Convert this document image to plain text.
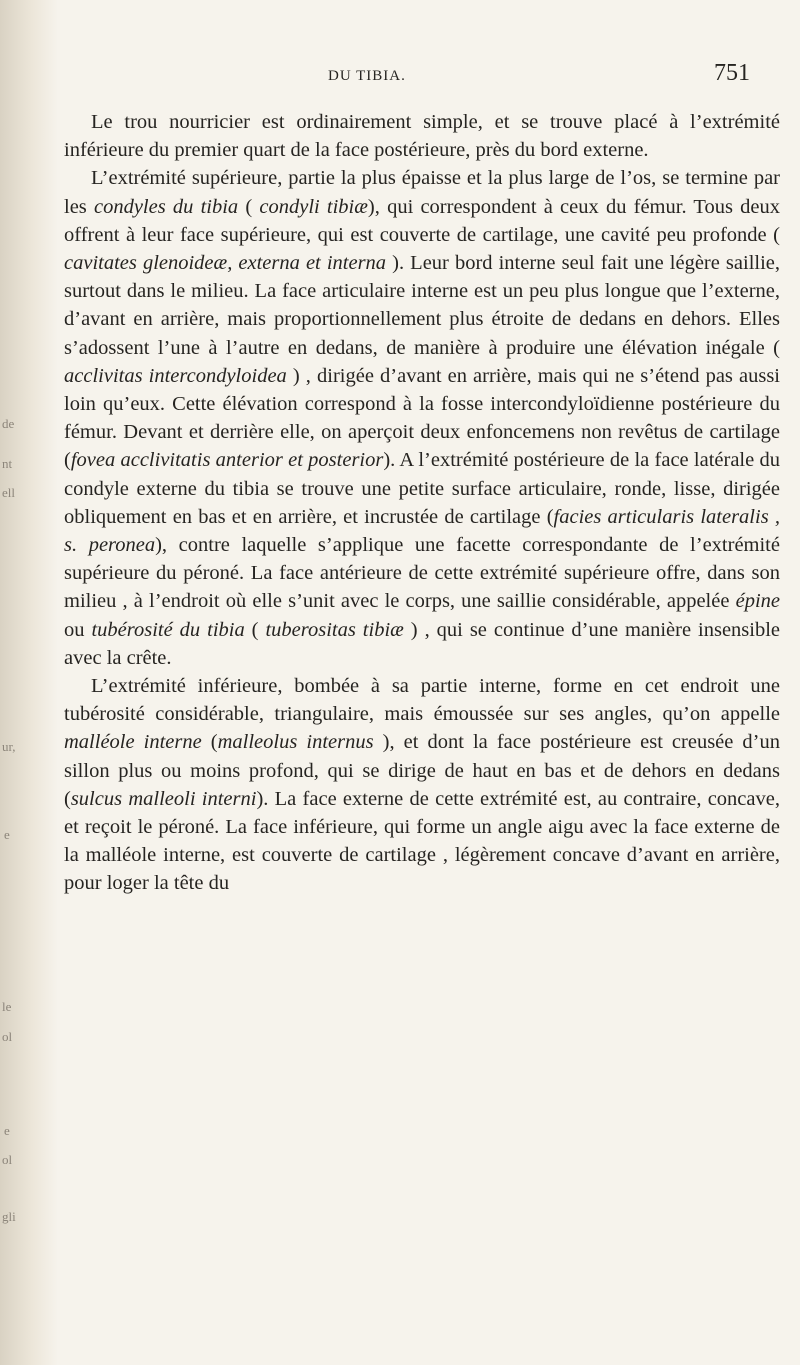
de
nt
ell
ur,
e
le
ol
e
ol
gli
DU TIBIA.	751

Le trou nourricier est ordinairement simple, et se trouve placé à l’extrémité inférieure du premier quart de la face postérieure, près du bord externe.

L’extrémité supérieure, partie la plus épaisse et la plus large de l’os, se termine par les condyles du tibia ( condyli tibiæ), qui correspondent à ceux du fémur. Tous deux offrent à leur face supérieure, qui est couverte de cartilage, une cavité peu profonde ( cavitates glenoideæ, externa et interna ). Leur bord interne seul fait une légère saillie, surtout dans le milieu. La face articulaire interne est un peu plus longue que l’externe, d’avant en arrière, mais proportionnellement plus étroite de dedans en dehors. Elles s’adossent l’une à l’autre en dedans, de manière à produire une élévation inégale ( acclivitas intercondyloidea ) , dirigée d’avant en arrière, mais qui ne s’étend pas aussi loin qu’eux. Cette élévation correspond à la fosse intercondyloïdienne postérieure du fémur. Devant et derrière elle, on aperçoit deux enfoncemens non revêtus de cartilage (fovea acclivitatis anterior et posterior). A l’extrémité postérieure de la face latérale du condyle externe du tibia se trouve une petite surface articulaire, ronde, lisse, dirigée obliquement en bas et en arrière, et incrustée de cartilage (facies articularis lateralis , s. peronea), contre laquelle s’applique une facette correspondante de l’extrémité supérieure du péroné. La face antérieure de cette extrémité supérieure offre, dans son milieu , à l’endroit où elle s’unit avec le corps, une saillie considérable, appelée épine ou tubérosité du tibia ( tuberositas tibiæ ) , qui se continue d’une manière insensible avec la crête.

L’extrémité inférieure, bombée à sa partie interne, forme en cet endroit une tubérosité considérable, triangulaire, mais émoussée sur ses angles, qu’on appelle malléole interne (malleolus internus ), et dont la face postérieure est creusée d’un sillon plus ou moins profond, qui se dirige de haut en bas et de dehors en dedans (sulcus malleoli interni). La face externe de cette extrémité est, au contraire, concave, et reçoit le péroné. La face inférieure, qui forme un angle aigu avec la face externe de la malléole interne, est couverte de cartilage , légèrement concave d’avant en arrière, pour loger la tête du
